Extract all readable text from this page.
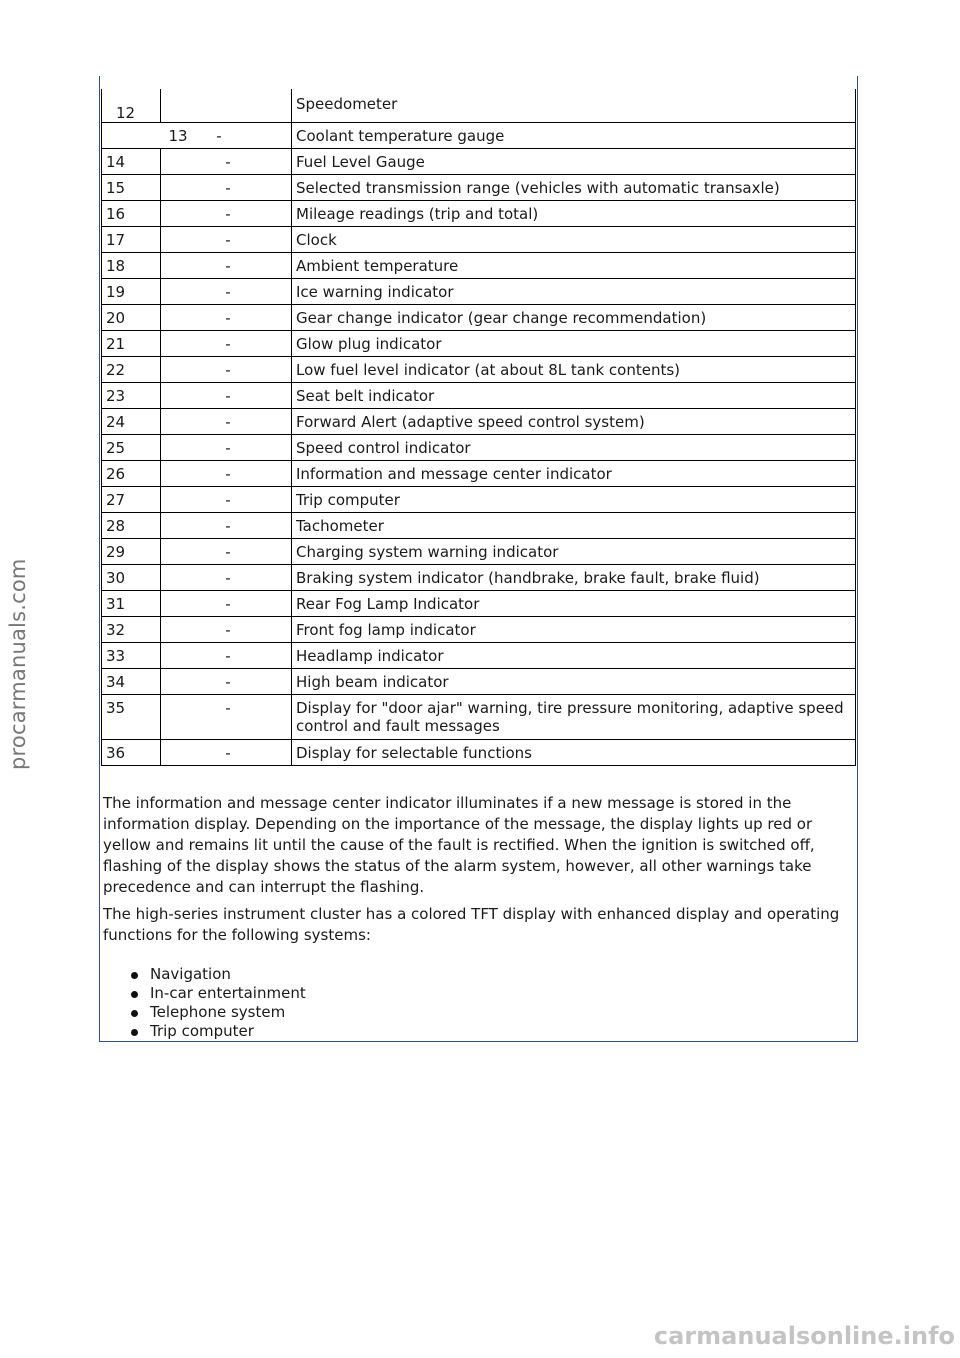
12		Speedometer
	13      -	Coolant temperature gauge
14	-	Fuel Level Gauge
15	-	Selected transmission range (vehicles with automatic transaxle)
16	-	Mileage readings (trip and total)
17	-	Clock
18	-	Ambient temperature
19	-	Ice warning indicator
20	-	Gear change indicator (gear change recommendation)
21	-	Glow plug indicator
22	-	Low fuel level indicator (at about 8L tank contents)
23	-	Seat belt indicator
24	-	Forward Alert (adaptive speed control system)
25	-	Speed control indicator
26	-	Information and message center indicator
27	-	Trip computer
28	-	Tachometer
29	-	Charging system warning indicator
30	-	Braking system indicator (handbrake, brake fault, brake fluid)
31	-	Rear Fog Lamp Indicator
32	-	Front fog lamp indicator
33	-	Headlamp indicator
34	-	High beam indicator
35	-	Display for "door ajar" warning, tire pressure monitoring, adaptive speed control and fault messages
36	-	Display for selectable functions

The information and message center indicator illuminates if a new message is stored in the information display. Depending on the importance of the message, the display lights up red or yellow and remains lit until the cause of the fault is rectified. When the ignition is switched off, flashing of the display shows the status of the alarm system, however, all other warnings take precedence and can interrupt the flashing.

The high-series instrument cluster has a colored TFT display with enhanced display and operating functions for the following systems:

Navigation
In-car entertainment
Telephone system
Trip computer
procarmanuals.com
carmanualsonline.info
